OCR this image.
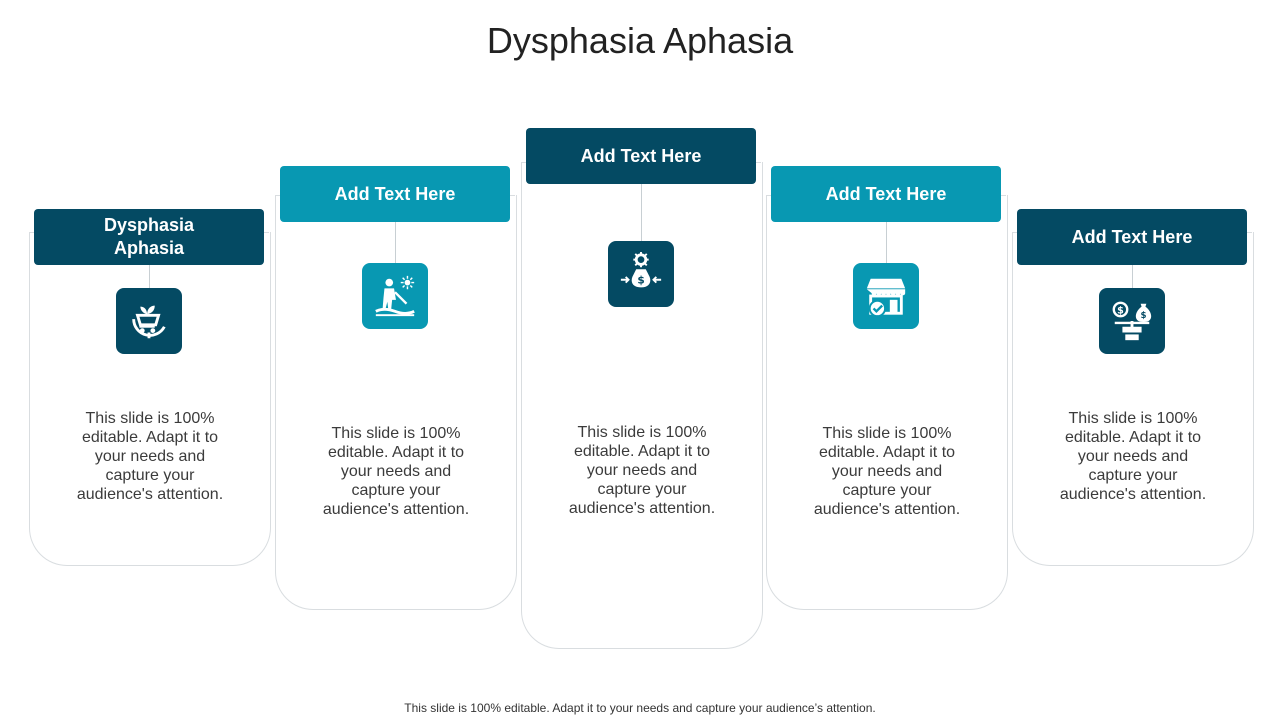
Dysphasia Aphasia
Dysphasia Aphasia
This slide is 100% editable. Adapt it to your needs and capture your audience's attention.
Add Text Here
This slide is 100% editable. Adapt it to your needs and capture your audience's attention.
Add Text Here
$
This slide is 100% editable. Adapt it to your needs and capture your audience's attention.
Add Text Here
This slide is 100% editable. Adapt it to your needs and capture your audience's attention.
Add Text Here
$ $
This slide is 100% editable. Adapt it to your needs and capture your audience's attention.
This slide is 100% editable. Adapt it to your needs and capture your audience’s attention.
